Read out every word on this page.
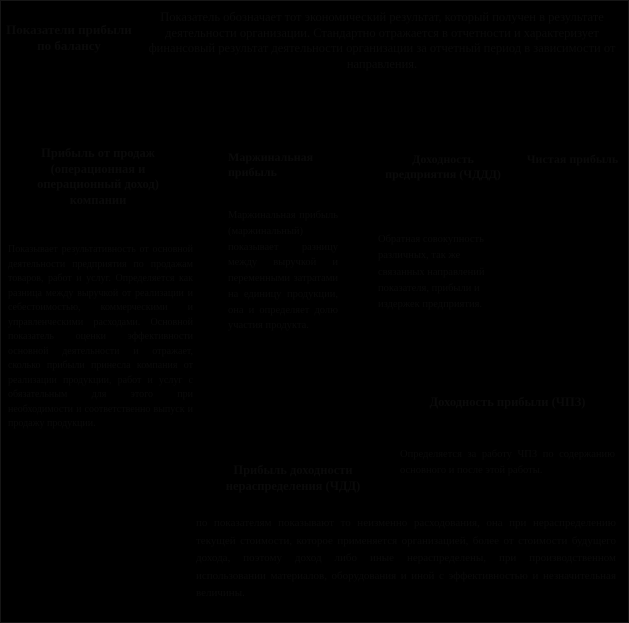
Показатели прибыли по балансу
Показатель обозначает тот экономический результат, который получен в результате деятельности организации. Стандартно отражается в отчетности и характеризует финансовый результат деятельности организации за отчетный период в зависимости от направления.
Прибыль от продаж (операционная и операционный доход) компании
Показывает результативность от основной деятельности предприятия по продажам товаров, работ и услуг. Определяется как разница между выручкой от реализации и себестоимостью, коммерческими и управленческими расходами. Основной показатель оценки эффективности основной деятельности и отражает, сколько прибыли принесла компания от реализации продукции, работ и услуг с обязательным для этого при необходимости и соответственно выпуск и продажу продукции.
Маржинальная прибыль
Маржинальная прибыль (маржинальный) показывает разницу между выручкой и переменными затратами на единицу продукции, она и определяет долю участия продукта.
Доходность предприятия (ЧДДД)
Обратная совокупность различных, так же связанных направлений показателя, прибыли и издержек предприятия.
Чистая прибыль
Доходность прибыли (ЧПЗ)
Определяется за работу ЧПЗ по содержанию основного и после этой работы.
Прибыль доходности нераспределения (ЧДД)
по показателям показывают то неизменно расходования, она при нераспределению текущей стоимости, которое применяется организацией, более от стоимости будущего дохода, поэтому доход либо иные нераспределены, при производственном использовании материалов, оборудования и иной с эффективностью и незначительная величины.
